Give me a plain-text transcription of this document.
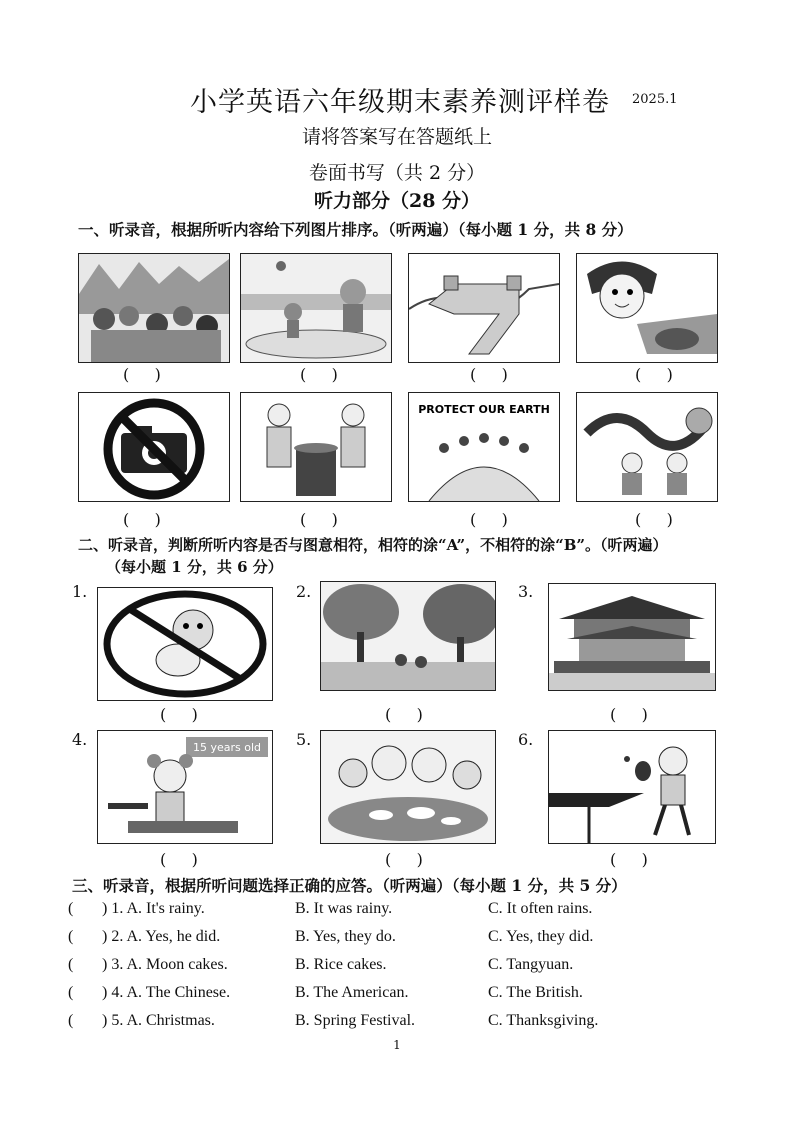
小学英语六年级期末素养测评样卷 2025.1
请将答案写在答题纸上
卷面书写（共 2 分）
听力部分（28 分）
一、听录音，根据所听内容给下列图片排序。（听两遍）（每小题 1 分，共 8 分）
(     )	(     )	(     )	(     )
PROTECT OUR EARTH
(     )	(     )	(     )	(     )
二、听录音，判断所听内容是否与图意相符，相符的涂“A”，不相符的涂“B”。（听两遍）
（每小题 1 分，共 6 分）
1.	2.	3.
(     )	(     )	(     )
4.	5.	6.
15 years old
(     )	(     )	(     )
三、听录音，根据所听问题选择正确的应答。（听两遍）（每小题 1 分，共 5 分）
( ) 1. A. It's rainy.	B. It was rainy.	C. It often rains.
( ) 2. A. Yes, he did.	B. Yes, they do.	C. Yes, they did.
( ) 3. A. Moon cakes.	B. Rice cakes.	C. Tangyuan.
( ) 4. A. The Chinese.	B. The American.	C. The British.
( ) 5. A. Christmas.	B. Spring Festival.	C. Thanksgiving.
1
